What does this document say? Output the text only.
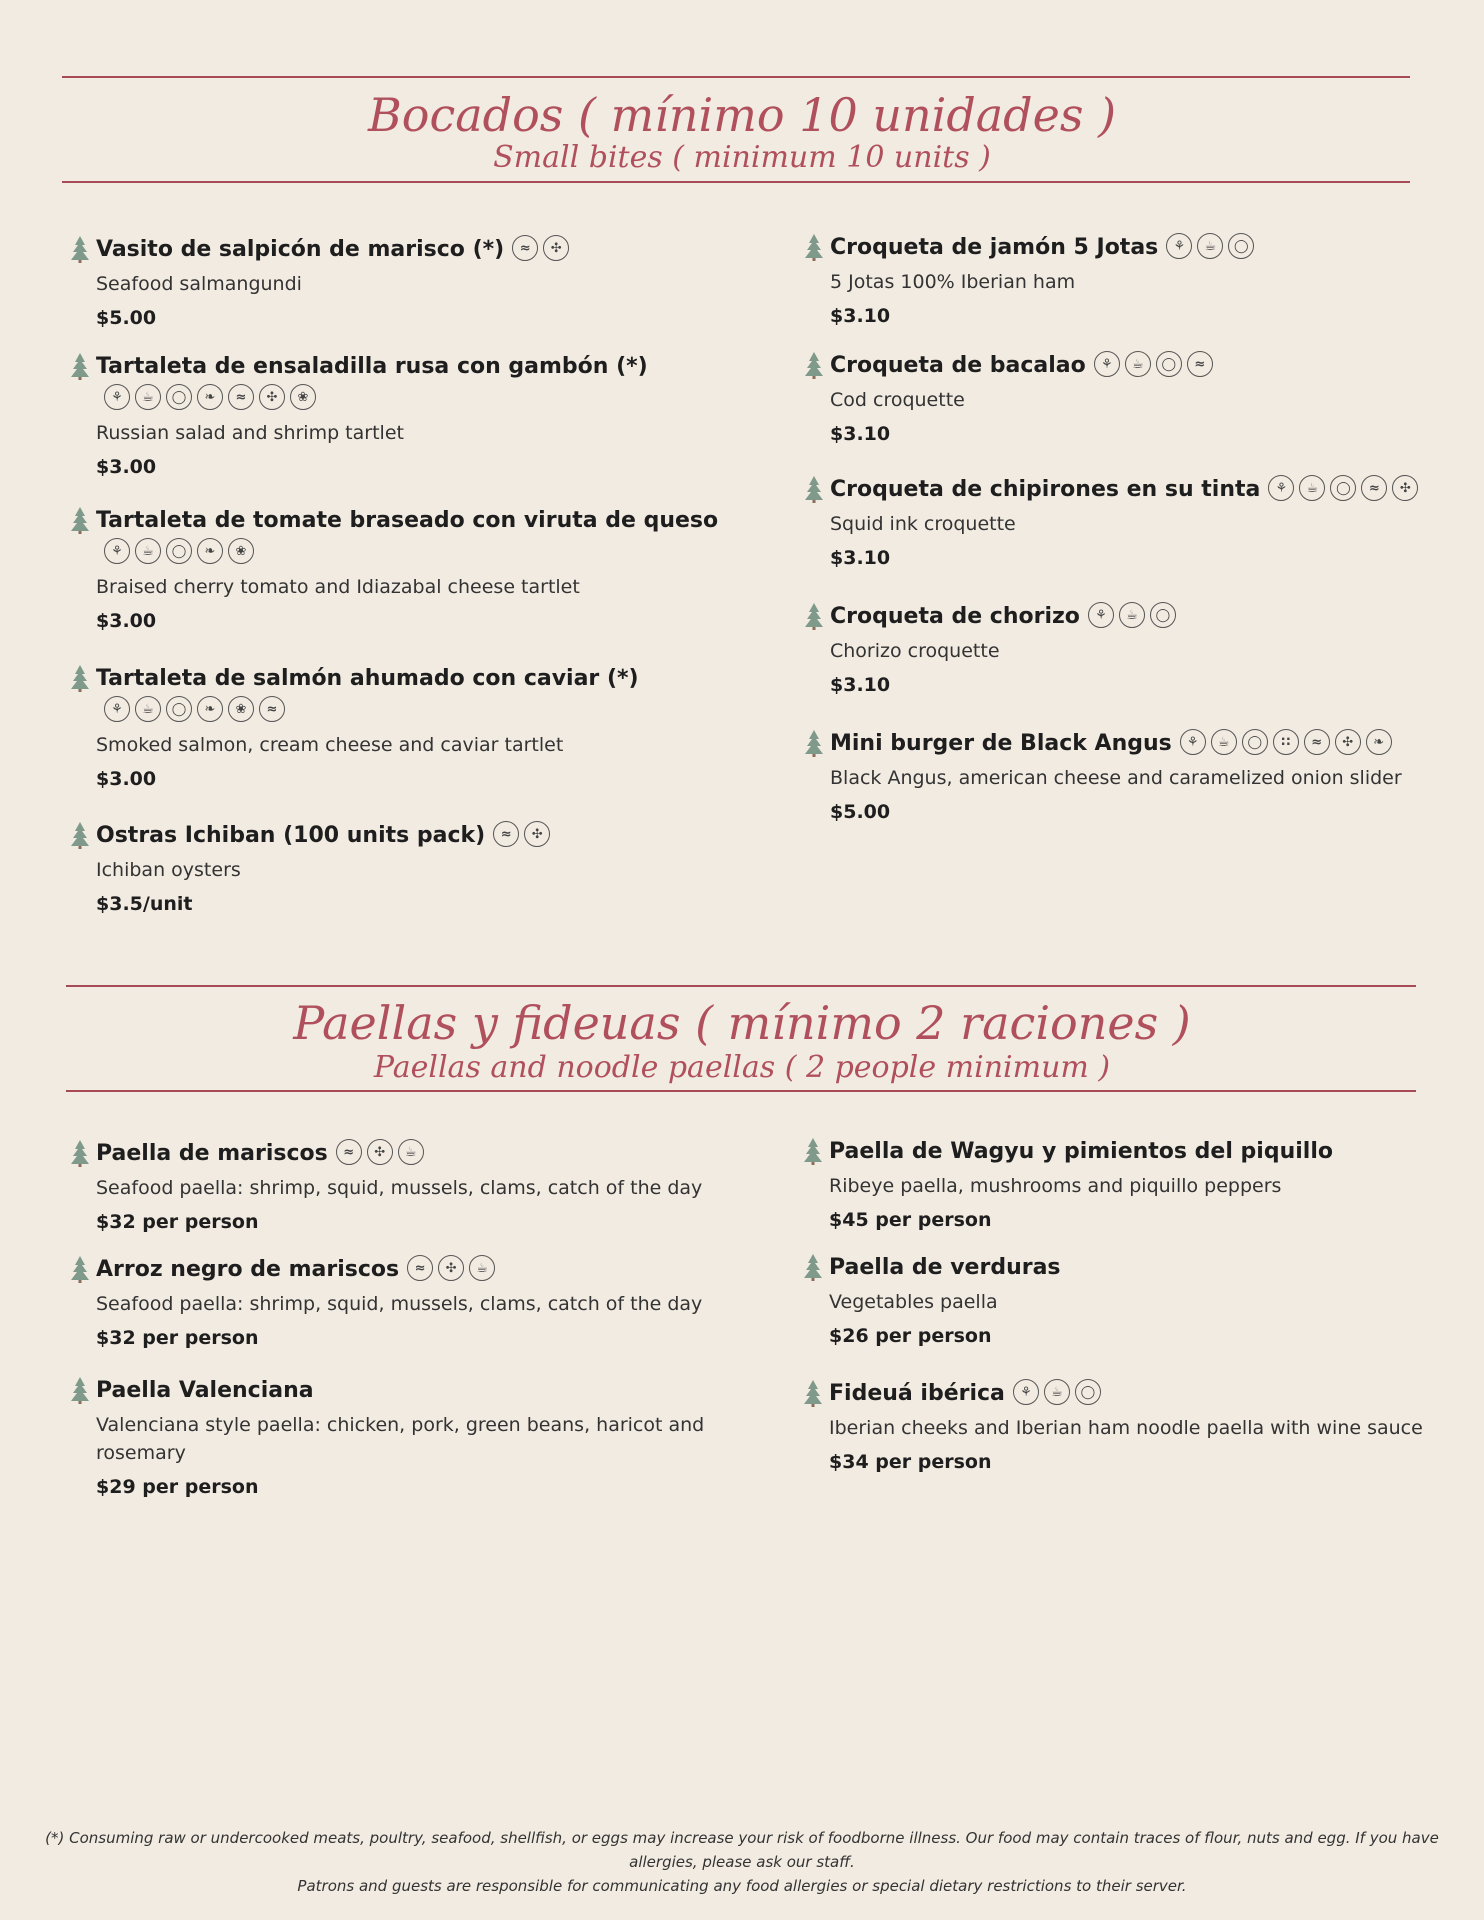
Bocados ( mínimo 10 unidades )
Small bites ( minimum 10 units )
Vasito de salpicón de marisco (*)	≈	✣
Seafood salmangundi
$5.00
Tartaleta de ensaladilla rusa con gambón (*)
⚘	☕	◯	❧	≈	✣	❀
Russian salad and shrimp tartlet
$3.00
Tartaleta de tomate braseado con viruta de queso
⚘	☕	◯	❧	❀
Braised cherry tomato and Idiazabal cheese tartlet
$3.00
Tartaleta de salmón ahumado con caviar (*)
⚘	☕	◯	❧	❀	≈
Smoked salmon, cream cheese and caviar tartlet
$3.00
Ostras Ichiban (100 units pack)	≈	✣
Ichiban oysters
$3.5/unit
Croqueta de jamón 5 Jotas	⚘	☕	◯
5 Jotas 100% Iberian ham
$3.10
Croqueta de bacalao	⚘	☕	◯	≈
Cod croquette
$3.10
Croqueta de chipirones en su tinta	⚘	☕	◯	≈	✣
Squid ink croquette
$3.10
Croqueta de chorizo	⚘	☕	◯
Chorizo croquette
$3.10
Mini burger de Black Angus	⚘	☕	◯	∷	≈	✣	❧
Black Angus, american cheese and caramelized onion slider
$5.00
Paellas y fideuas ( mínimo 2 raciones )
Paellas and noodle paellas ( 2 people minimum )
Paella de mariscos	≈	✣	☕
Seafood paella: shrimp, squid, mussels, clams, catch of the day
$32 per person
Arroz negro de mariscos	≈	✣	☕
Seafood paella: shrimp, squid, mussels, clams, catch of the day
$32 per person
Paella Valenciana
Valenciana style paella: chicken, pork, green beans, haricot and rosemary
$29 per person
Paella de Wagyu y pimientos del piquillo
Ribeye paella, mushrooms and piquillo peppers
$45 per person
Paella de verduras
Vegetables paella
$26 per person
Fideuá ibérica	⚘	☕	◯
Iberian cheeks and Iberian ham noodle paella with wine sauce
$34 per person
(*) Consuming raw or undercooked meats, poultry, seafood, shellfish, or eggs may increase your risk of foodborne illness. Our food may contain traces of flour, nuts and egg. If you have allergies, please ask our staff.
Patrons and guests are responsible for communicating any food allergies or special dietary restrictions to their server.
